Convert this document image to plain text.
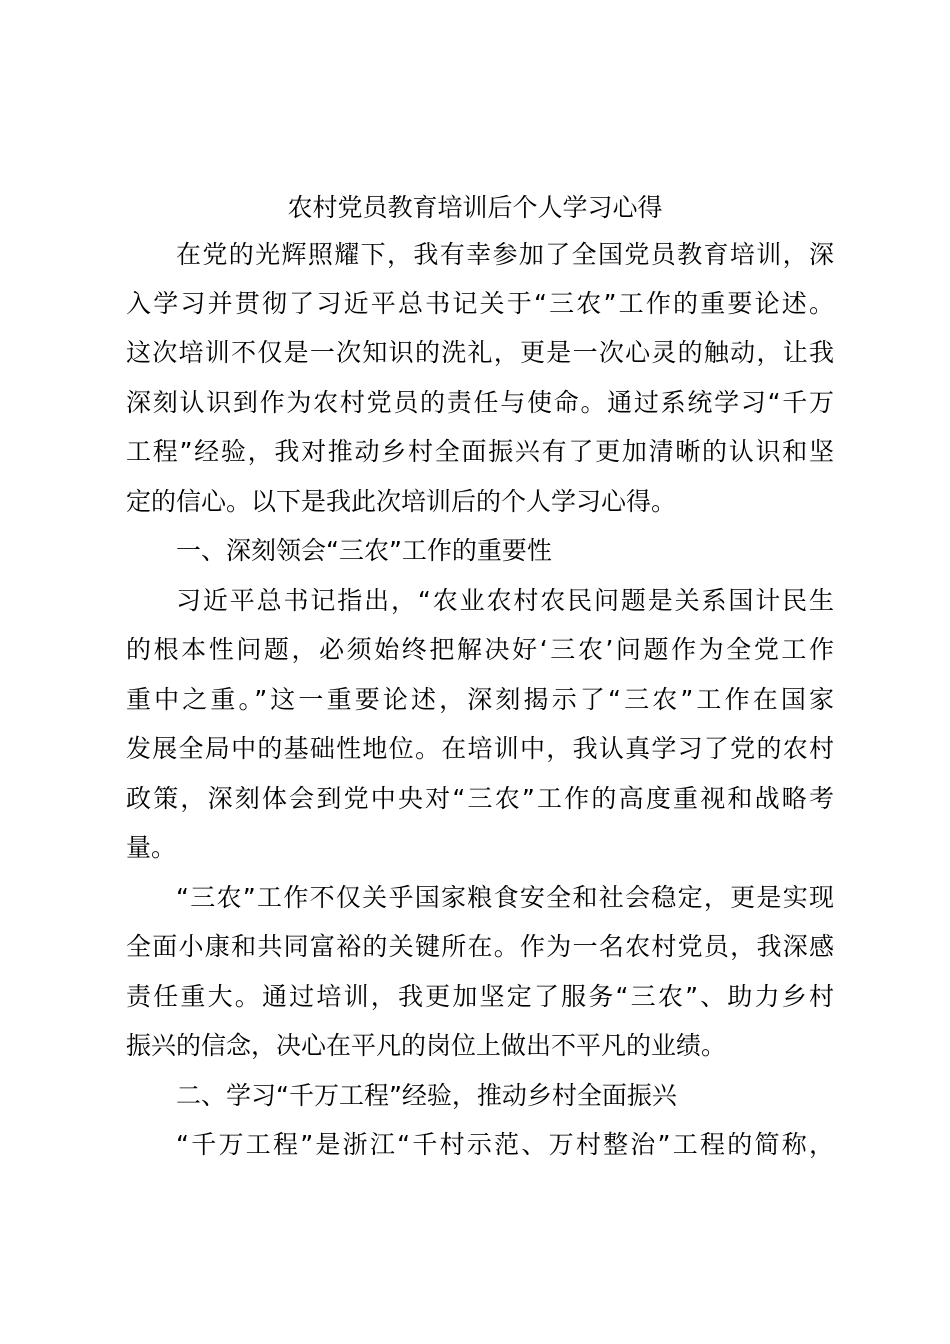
农村党员教育培训后个人学习心得
在党的光辉照耀下，我有幸参加了全国党员教育培训，深
入学习并贯彻了习近平总书记关于“三农”工作的重要论述。
这次培训不仅是一次知识的洗礼，更是一次心灵的触动，让我
深刻认识到作为农村党员的责任与使命。通过系统学习“千万
工程”经验，我对推动乡村全面振兴有了更加清晰的认识和坚
定的信心。以下是我此次培训后的个人学习心得。
一、深刻领会“三农”工作的重要性
习近平总书记指出，“农业农村农民问题是关系国计民生
的根本性问题，必须始终把解决好‘三农’问题作为全党工作
重中之重。”这一重要论述，深刻揭示了“三农”工作在国家
发展全局中的基础性地位。在培训中，我认真学习了党的农村
政策，深刻体会到党中央对“三农”工作的高度重视和战略考
量。
“三农”工作不仅关乎国家粮食安全和社会稳定，更是实现
全面小康和共同富裕的关键所在。作为一名农村党员，我深感
责任重大。通过培训，我更加坚定了服务“三农”、助力乡村
振兴的信念，决心在平凡的岗位上做出不平凡的业绩。
二、学习“千万工程”经验，推动乡村全面振兴
“千万工程”是浙江“千村示范、万村整治”工程的简称，
